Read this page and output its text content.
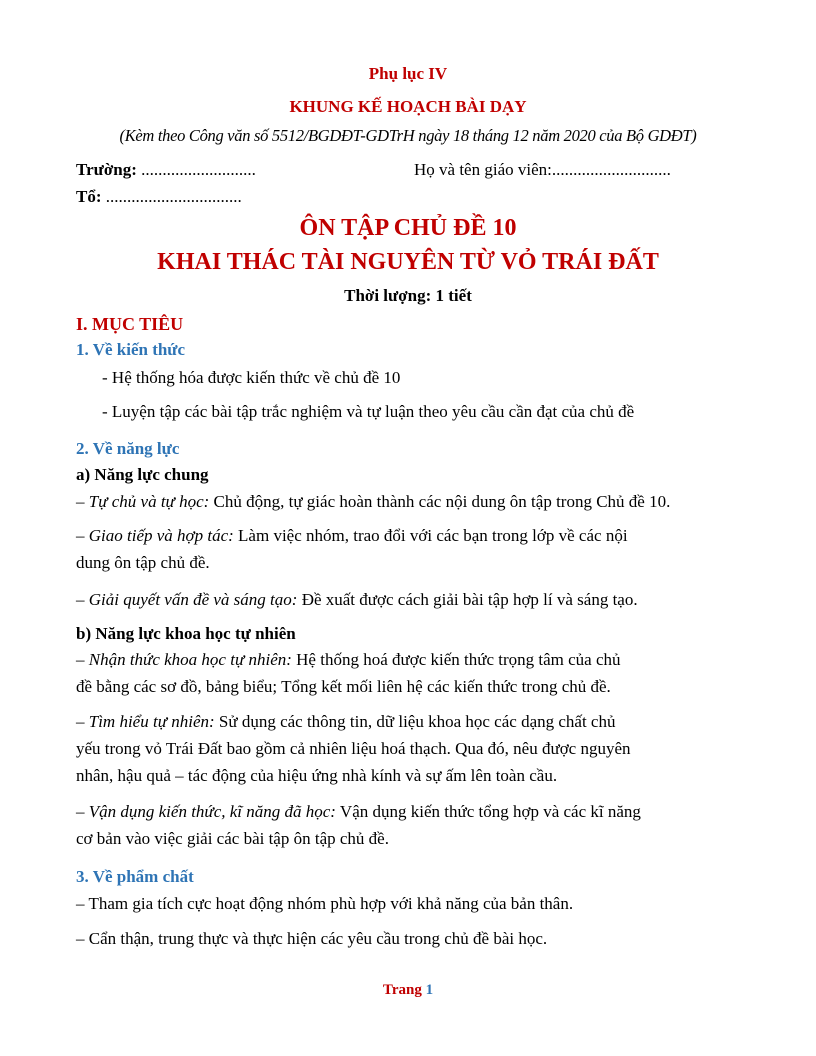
Phụ lục IV
KHUNG KẾ HOẠCH BÀI DẠY
(Kèm theo Công văn số 5512/BGDĐT-GDTrH ngày 18 tháng 12 năm 2020 của Bộ GDĐT)
Trường: ...........................	Họ và tên giáo viên:............................
Tổ: ................................
ÔN TẬP CHỦ ĐỀ 10
KHAI THÁC TÀI NGUYÊN TỪ VỎ TRÁI ĐẤT
Thời lượng: 1 tiết
I. MỤC TIÊU
1. Về kiến thức
- Hệ thống hóa được kiến thức về chủ đề 10
- Luyện tập các bài tập trắc nghiệm và tự luận theo yêu cầu cần đạt của chủ đề
2. Về năng lực
a) Năng lực chung
– Tự chủ và tự học: Chủ động, tự giác hoàn thành các nội dung ôn tập trong Chủ đề 10.
– Giao tiếp và hợp tác: Làm việc nhóm, trao đổi với các bạn trong lớp về các nội
dung ôn tập chủ đề.
– Giải quyết vấn đề và sáng tạo: Đề xuất được cách giải bài tập hợp lí và sáng tạo.
b) Năng lực khoa học tự nhiên
– Nhận thức khoa học tự nhiên: Hệ thống hoá được kiến thức trọng tâm của chủ
đề bằng các sơ đồ, bảng biểu; Tổng kết mối liên hệ các kiến thức trong chủ đề.
– Tìm hiểu tự nhiên: Sử dụng các thông tin, dữ liệu khoa học các dạng chất chủ
yếu trong vỏ Trái Đất bao gồm cả nhiên liệu hoá thạch. Qua đó, nêu được nguyên
nhân, hậu quả – tác động của hiệu ứng nhà kính và sự ấm lên toàn cầu.
– Vận dụng kiến thức, kĩ năng đã học: Vận dụng kiến thức tổng hợp và các kĩ năng
cơ bản vào việc giải các bài tập ôn tập chủ đề.
3. Về phẩm chất
– Tham gia tích cực hoạt động nhóm phù hợp với khả năng của bản thân.
– Cẩn thận, trung thực và thực hiện các yêu cầu trong chủ đề bài học.
Trang 1
